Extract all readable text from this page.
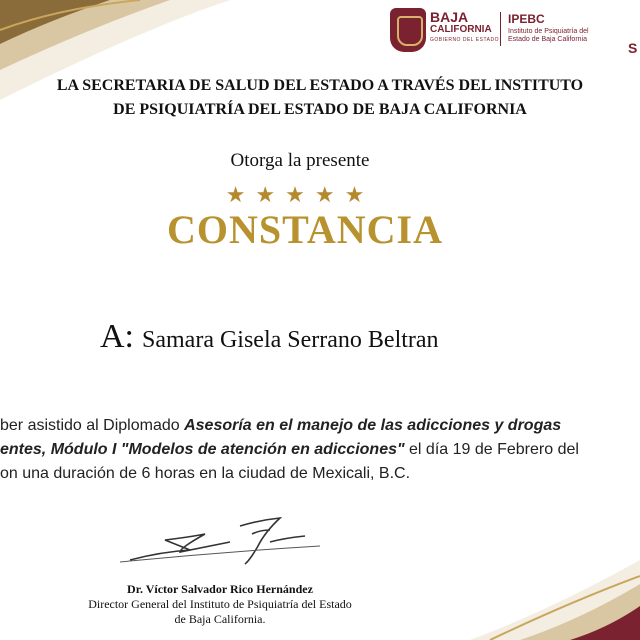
BAJA
CALIFORNIA
GOBIERNO DEL ESTADO
IPEBC
Instituto de Psiquiatría del Estado de Baja California
S
LA SECRETARIA DE SALUD DEL ESTADO A TRAVÉS DEL INSTITUTO
DE PSIQUIATRÍA DEL ESTADO DE BAJA CALIFORNIA
Otorga la presente
★★★★★
CONSTANCIA
A: Samara Gisela Serrano Beltran
ber asistido al Diplomado Asesoría en el manejo de las adicciones y drogas
entes, Módulo I "Modelos de atención en adicciones" el día 19 de Febrero del
on una duración de 6 horas en la ciudad de Mexicali, B.C.
Dr. Víctor Salvador Rico Hernández
Director General del Instituto de Psiquiatría del Estado
de Baja California.
